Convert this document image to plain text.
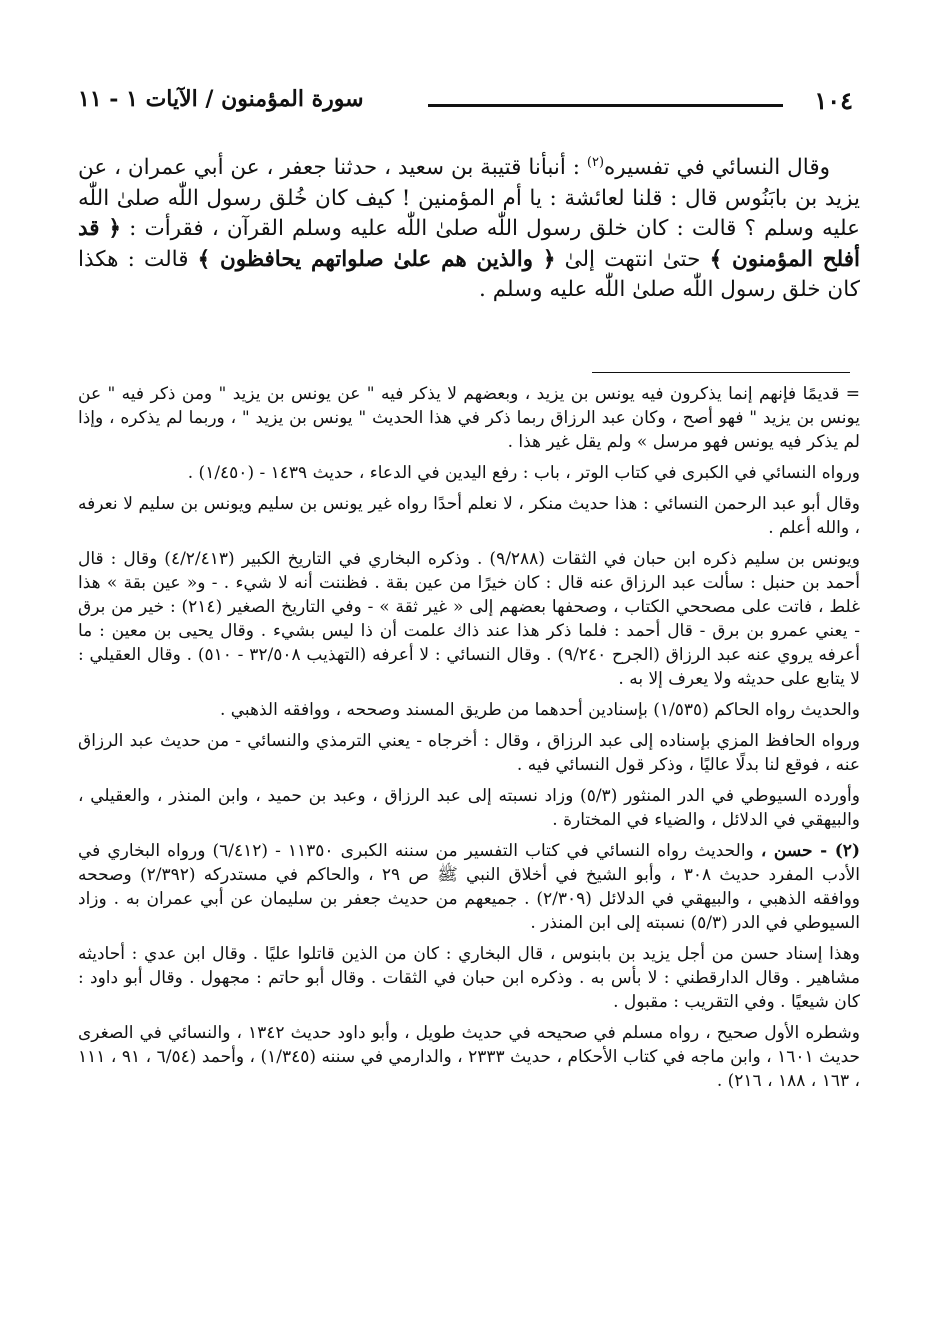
١٠٤
سورة المؤمنون / الآيات ١ - ١١

وقال النسائي في تفسيره$^{(٢)}$ : أنبأنا قتيبة بن سعيد ، حدثنا جعفر ، عن أبي عمران ، عن يزيد بن بابَنُوس قال : قلنا لعائشة : يا أم المؤمنين ! كيف كان خُلق رسول اللّٰه صلىٰ اللّٰه عليه وسلم ؟ قالت : كان خلق رسول اللّٰه صلىٰ اللّٰه عليه وسلم القرآن ، فقرأت : ﴿ قد أفلح المؤمنون ﴾ حتىٰ انتهت إلىٰ ﴿ والذين هم علىٰ صلواتهم يحافظون ﴾ قالت : هكذا كان خلق رسول اللّٰه صلىٰ اللّٰه عليه وسلم .

= قديمًا فإنهم إنما يذكرون فيه يونس بن يزيد ، وبعضهم لا يذكر فيه " عن يونس بن يزيد " ومن ذكر فيه " عن يونس بن يزيد " فهو أصح ، وكان عبد الرزاق ربما ذكر في هذا الحديث " يونس بن يزيد " ، وربما لم يذكره ، وإذا لم يذكر فيه يونس فهو مرسل » ولم يقل غير هذا .

ورواه النسائي في الكبرى في كتاب الوتر ، باب : رفع اليدين في الدعاء ، حديث ١٤٣٩ - (١/٤٥٠) .

وقال أبو عبد الرحمن النسائي : هذا حديث منكر ، لا نعلم أحدًا رواه غير يونس بن سليم ويونس بن سليم لا نعرفه ، والله أعلم .

ويونس بن سليم ذكره ابن حبان في الثقات (٩/٢٨٨) . وذكره البخاري في التاريخ الكبير (٤/٢/٤١٣) وقال : قال أحمد بن حنبل : سألت عبد الرزاق عنه قال : كان خيرًا من عين بقة . فظننت أنه لا شيء . - و« عين بقة » هذا غلط ، فاتت على مصححي الكتاب ، وصحفها بعضهم إلى « غير ثقة » - وفي التاريخ الصغير (٢١٤) : خير من برق - يعني عمرو بن برق - قال أحمد : فلما ذكر هذا عند ذاك علمت أن ذا ليس بشيء . وقال يحيى بن معين : ما أعرفه يروي عنه عبد الرزاق (الجرح ٩/٢٤٠) . وقال النسائي : لا أعرفه (التهذيب ٣٢/٥٠٨ - ٥١٠) . وقال العقيلي : لا يتابع على حديثه ولا يعرف إلا به .

والحديث رواه الحاكم (١/٥٣٥) بإسنادين أحدهما من طريق المسند وصححه ، ووافقه الذهبي .

ورواه الحافظ المزي بإسناده إلى عبد الرزاق ، وقال : أخرجاه - يعني الترمذي والنسائي - من حديث عبد الرزاق عنه ، فوقع لنا بدلًا عاليًا ، وذكر قول النسائي فيه .

وأورده السيوطي في الدر المنثور (٥/٣) وزاد نسبته إلى عبد الرزاق ، وعبد بن حميد ، وابن المنذر ، والعقيلي ، والبيهقي في الدلائل ، والضياء في المختارة .

(٢) - حسن ، والحديث رواه النسائي في كتاب التفسير من سننه الكبرى ١١٣٥٠ - (٦/٤١٢) ورواه البخاري في الأدب المفرد حديث ٣٠٨ ، وأبو الشيخ في أخلاق النبي ﷺ ص ٢٩ ، والحاكم في مستدركه (٢/٣٩٢) وصححه ووافقه الذهبي ، والبيهقي في الدلائل (٢/٣٠٩) . جميعهم من حديث جعفر بن سليمان عن أبي عمران به . وزاد السيوطي في الدر (٥/٣) نسبته إلى ابن المنذر .

وهذا إسناد حسن من أجل يزيد بن بابنوس ، قال البخاري : كان من الذين قاتلوا عليًا . وقال ابن عدي : أحاديثه مشاهير . وقال الدارقطني : لا بأس به . وذكره ابن حبان في الثقات . وقال أبو حاتم : مجهول . وقال أبو داود : كان شيعيًا . وفي التقريب : مقبول .

وشطره الأول صحيح ، رواه مسلم في صحيحه في حديث طويل ، وأبو داود حديث ١٣٤٢ ، والنسائي في الصغرى حديث ١٦٠١ ، وابن ماجه في كتاب الأحكام ، حديث ٢٣٣٣ ، والدارمي في سننه (١/٣٤٥) ، وأحمد (٦/٥٤ ، ٩١ ، ١١١ ، ١٦٣ ، ١٨٨ ، ٢١٦) .
